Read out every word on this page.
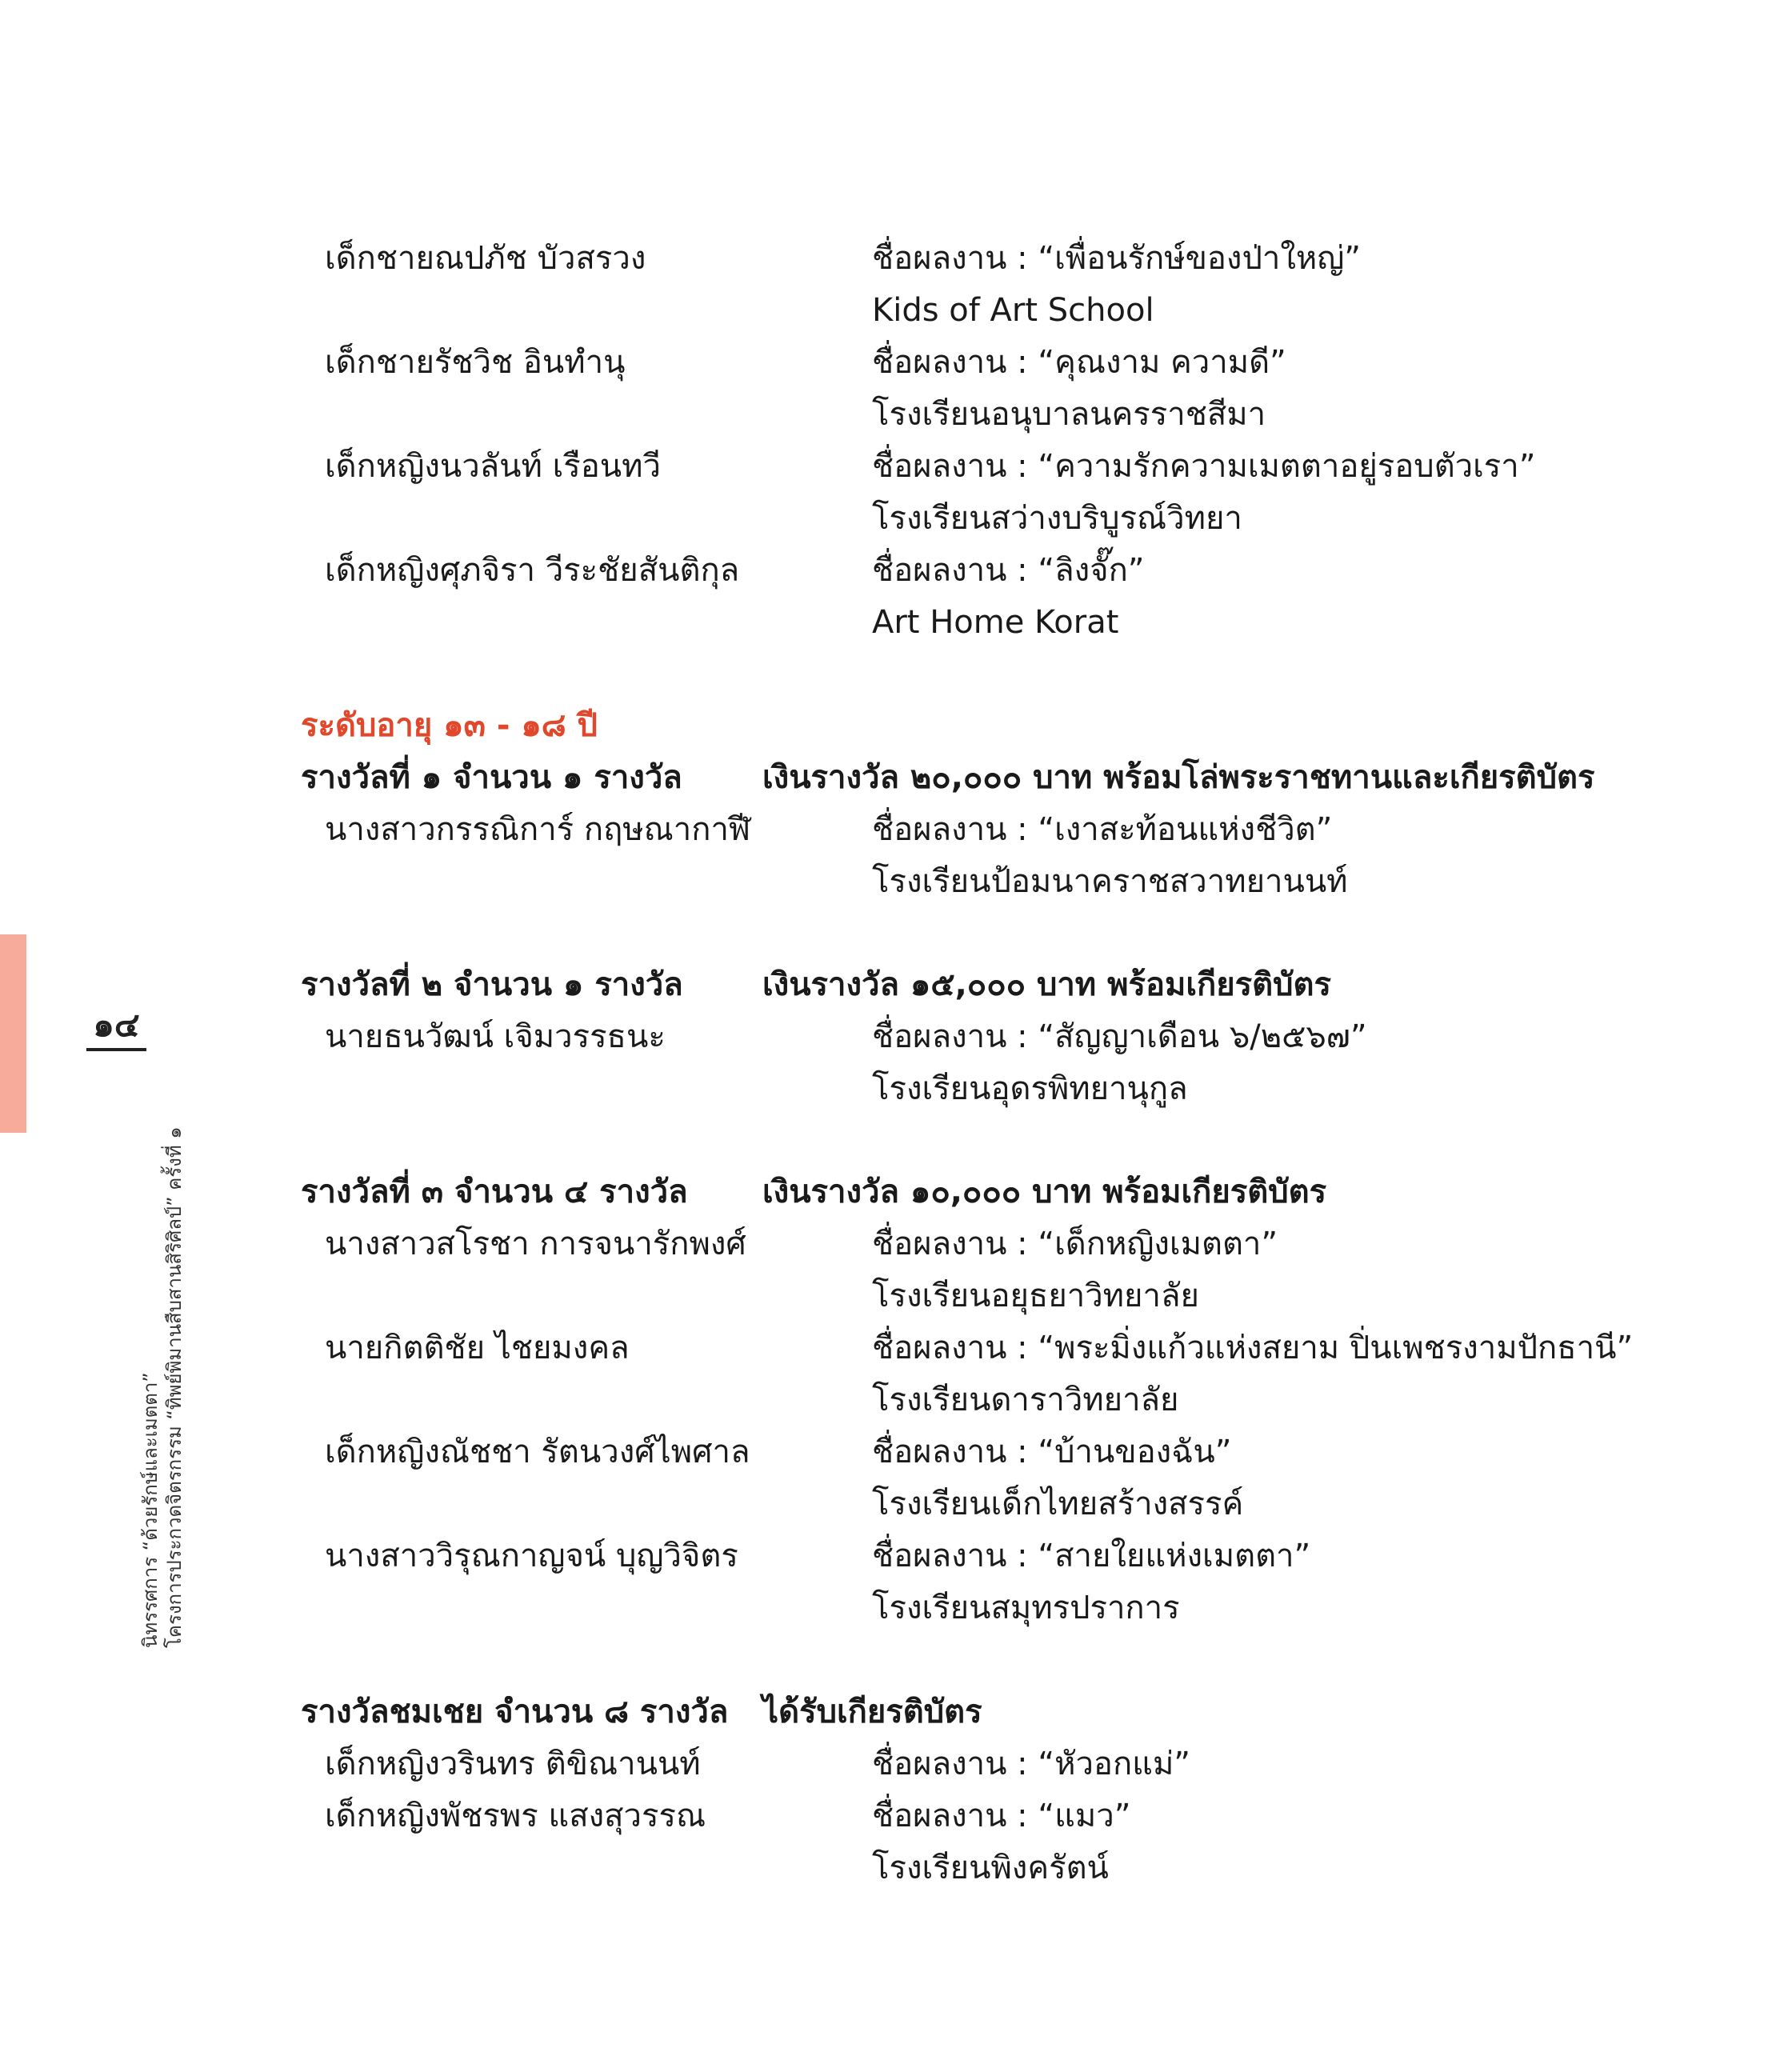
๑๔
นิทรรศการ “ด้วยรักษ์และเมตตา” โครงการประกวดจิตรกรรม “ทิพย์พิมานสืบสานสิริศิลป์” ครั้งที่ ๑
เด็กชายณปภัช บัวสรวง	ชื่อผลงาน : “เพื่อนรักษ์ของป่าใหญ่”
Kids of Art School
เด็กชายรัชวิช อินทำนุ	ชื่อผลงาน : “คุณงาม ความดี”
โรงเรียนอนุบาลนครราชสีมา
เด็กหญิงนวลันท์ เรือนทวี	ชื่อผลงาน : “ความรักความเมตตาอยู่รอบตัวเรา”
โรงเรียนสว่างบริบูรณ์วิทยา
เด็กหญิงศุภจิรา วีระชัยสันติกุล	ชื่อผลงาน : “ลิงจั๊ก”
Art Home Korat
ระดับอายุ ๑๓ - ๑๘ ปี
รางวัลที่ ๑ จำนวน ๑ รางวัล	เงินรางวัล ๒๐,๐๐๐ บาท พร้อมโล่พระราชทานและเกียรติบัตร
นางสาวกรรณิการ์ กฤษณากาฬี	ชื่อผลงาน : “เงาสะท้อนแห่งชีวิต”
โรงเรียนป้อมนาคราชสวาทยานนท์
รางวัลที่ ๒ จำนวน ๑ รางวัล เงินรางวัล ๑๕,๐๐๐ บาท พร้อมเกียรติบัตร
นายธนวัฒน์ เจิมวรรธนะ	ชื่อผลงาน : “สัญญาเดือน ๖/๒๕๖๗”
โรงเรียนอุดรพิทยานุกูล
รางวัลที่ ๓ จำนวน ๔ รางวัล เงินรางวัล ๑๐,๐๐๐ บาท พร้อมเกียรติบัตร
นางสาวสโรชา การจนารักพงศ์	ชื่อผลงาน : “เด็กหญิงเมตตา”
โรงเรียนอยุธยาวิทยาลัย
นายกิตติชัย ไชยมงคล	ชื่อผลงาน : “พระมิ่งแก้วแห่งสยาม ปิ่นเพชรงามปักธานี”
โรงเรียนดาราวิทยาลัย
เด็กหญิงณัชชา รัตนวงศ์ไพศาล	ชื่อผลงาน : “บ้านของฉัน”
โรงเรียนเด็กไทยสร้างสรรค์
นางสาววิรุณกาญจน์ บุญวิจิตร	ชื่อผลงาน : “สายใยแห่งเมตตา”
โรงเรียนสมุทรปราการ
รางวัลชมเชย จำนวน ๘ รางวัล ได้รับเกียรติบัตร
เด็กหญิงวรินทร ติขิณานนท์	ชื่อผลงาน : “หัวอกแม่”
เด็กหญิงพัชรพร แสงสุวรรณ	ชื่อผลงาน : “แมว”
โรงเรียนพิงครัตน์
